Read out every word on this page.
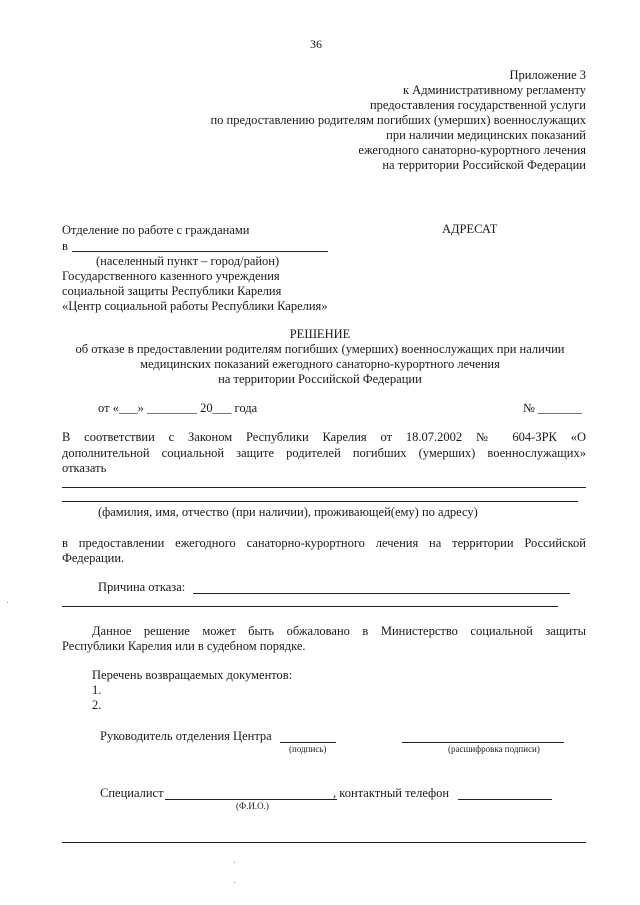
36
Приложение 3
к Административному регламенту
предоставления государственной услуги
по предоставлению родителям погибших (умерших) военнослужащих
при наличии медицинских показаний
ежегодного санаторно-курортного лечения
на территории Российской Федерации
Отделение по работе с гражданами
в
(населенный пункт – город/район)
Государственного казенного учреждения
социальной защиты Республики Карелия
«Центр социальной работы Республики Карелия»
АДРЕСАТ
РЕШЕНИЕ
об отказе в предоставлении родителям погибших (умерших) военнослужащих при наличии
медицинских показаний ежегодного санаторно-курортного лечения
на территории Российской Федерации
от «___» ________ 20___ года	№ _______
В соответствии с Законом Республики Карелия от 18.07.2002 № 604-ЗРК «О
дополнительной социальной защите родителей погибших (умерших) военнослужащих»
отказать
(фамилия, имя, отчество (при наличии), проживающей(ему) по адресу)
в предоставлении ежегодного санаторно-курортного лечения на территории Российской
Федерации.
Причина отказа:
Данное решение может быть обжаловано в Министерство социальной защиты
Республики Карелия или в судебном порядке.
Перечень возвращаемых документов:
1.
2.
Руководитель отделения Центра
(подпись)	(расшифровка подписи)
Специалист	, контактный телефон
(Ф.И.О.)
·
·
·
